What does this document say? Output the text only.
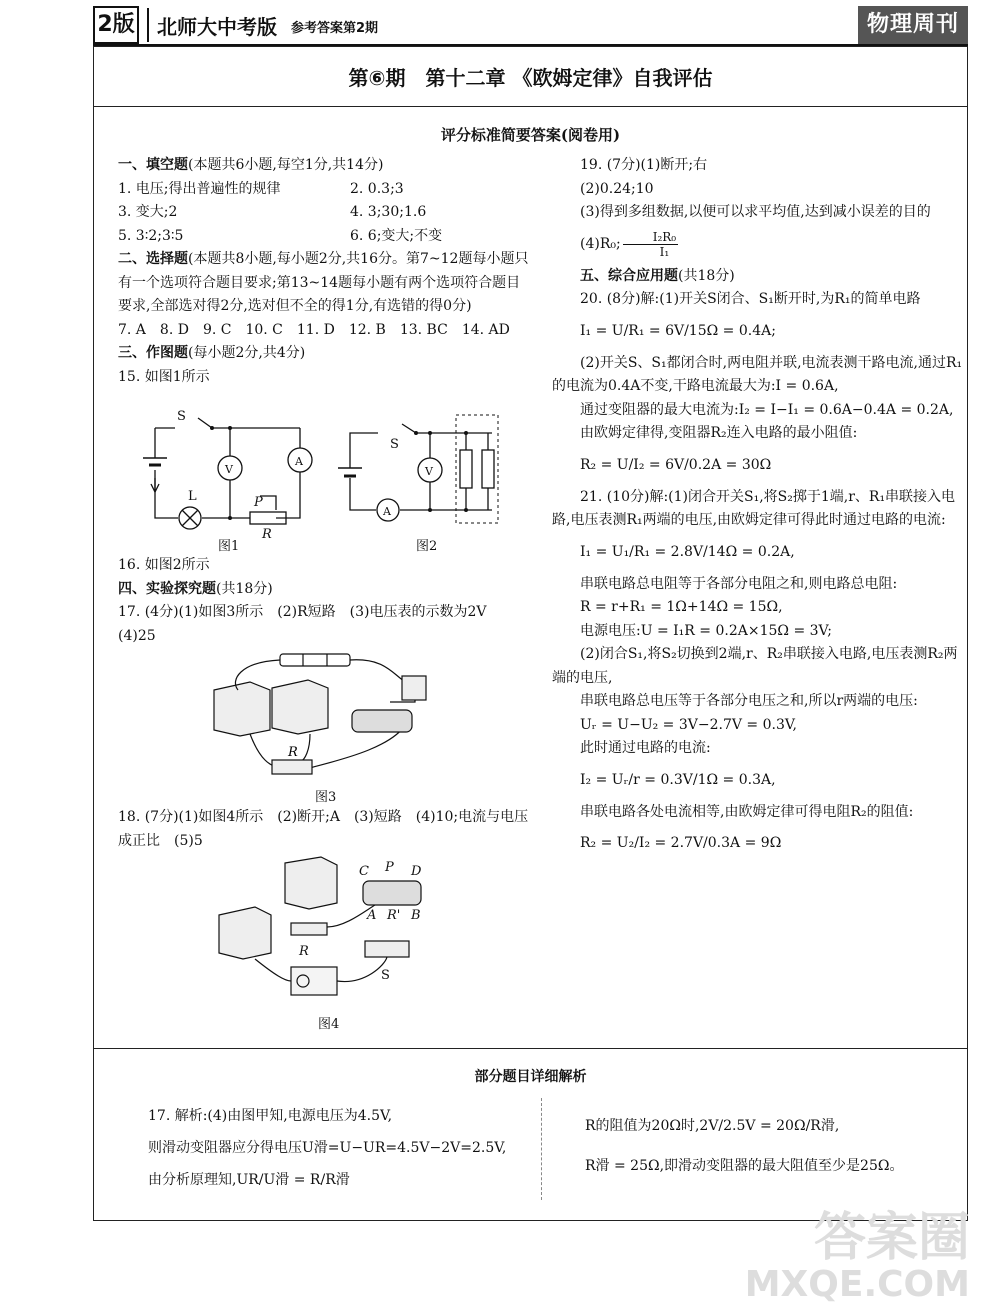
2版 北师大中考版 参考答案第2期	物理周刊
第⑥期　第十二章 《欧姆定律》自我评估
评分标准简要答案(阅卷用)

一、填空题(本题共6小题,每空1分,共14分)

1. 电压;得出普遍性的规律	2. 0.3;3

3. 变大;2	4. 3;30;1.6

5. 3∶2;3∶5	6. 6;变大;不变

二、选择题(本题共8小题,每小题2分,共16分。第7~12题每小题只有一个选项符合题目要求;第13~14题每小题有两个选项符合题目要求,全部选对得2分,选对但不全的得1分,有选错的得0分)

7. A　8. D　9. C　10. C　11. D　12. B　13. BC　14. AD

三、作图题(每小题2分,共4分)

15. 如图1所示

S
L	P
R
S
V
A
V
A
图1	图2

16. 如图2所示

四、实验探究题(共18分)

17. (4分)(1)如图3所示　(2)R短路　(3)电压表的示数为2V　(4)25

R
图3

18. (7分)(1)如图4所示　(2)断开;A　(3)短路　(4)10;电流与电压成正比　(5)5

C P D
A R' B
R
S
图4

19. (7分)(1)断开;右

(2)0.24;10

(3)得到多组数据,以便可以求平均值,达到减小误差的目的

(4)R₀; $\frac{\text{I₂R₀}}{\text{I₁}}$

五、综合应用题(共18分)

20. (8分)解:(1)开关S闭合、S₁断开时,为R₁的简单电路

I₁ = U/R₁ = 6V/15Ω = 0.4A;

(2)开关S、S₁都闭合时,两电阻并联,电流表测干路电流,通过R₁的电流为0.4A不变,干路电流最大为:I = 0.6A,

通过变阻器的最大电流为:I₂ = I−I₁ = 0.6A−0.4A = 0.2A,

由欧姆定律得,变阻器R₂连入电路的最小阻值:

R₂ = U/I₂ = 6V/0.2A = 30Ω

21. (10分)解:(1)闭合开关S₁,将S₂掷于1端,r、R₁串联接入电路,电压表测R₁两端的电压,由欧姆定律可得此时通过电路的电流:

I₁ = U₁/R₁ = 2.8V/14Ω = 0.2A,

串联电路总电阻等于各部分电阻之和,则电路总电阻:

R = r+R₁ = 1Ω+14Ω = 15Ω,

电源电压:U = I₁R = 0.2A×15Ω = 3V;

(2)闭合S₁,将S₂切换到2端,r、R₂串联接入电路,电压表测R₂两端的电压,

串联电路总电压等于各部分电压之和,所以r两端的电压:

Uᵣ = U−U₂ = 3V−2.7V = 0.3V,

此时通过电路的电流:

I₂ = Uᵣ/r = 0.3V/1Ω = 0.3A,

串联电路各处电流相等,由欧姆定律可得电阻R₂的阻值:

R₂ = U₂/I₂ = 2.7V/0.3A = 9Ω

部分题目详细解析

17. 解析:(4)由图甲知,电源电压为4.5V,

则滑动变阻器应分得电压U滑=U−UR=4.5V−2V=2.5V,

由分析原理知,UR/U滑 = R/R滑

R的阻值为20Ω时,2V/2.5V = 20Ω/R滑,

R滑 = 25Ω,即滑动变阻器的最大阻值至少是25Ω。

答案圈
MXQE.COM
